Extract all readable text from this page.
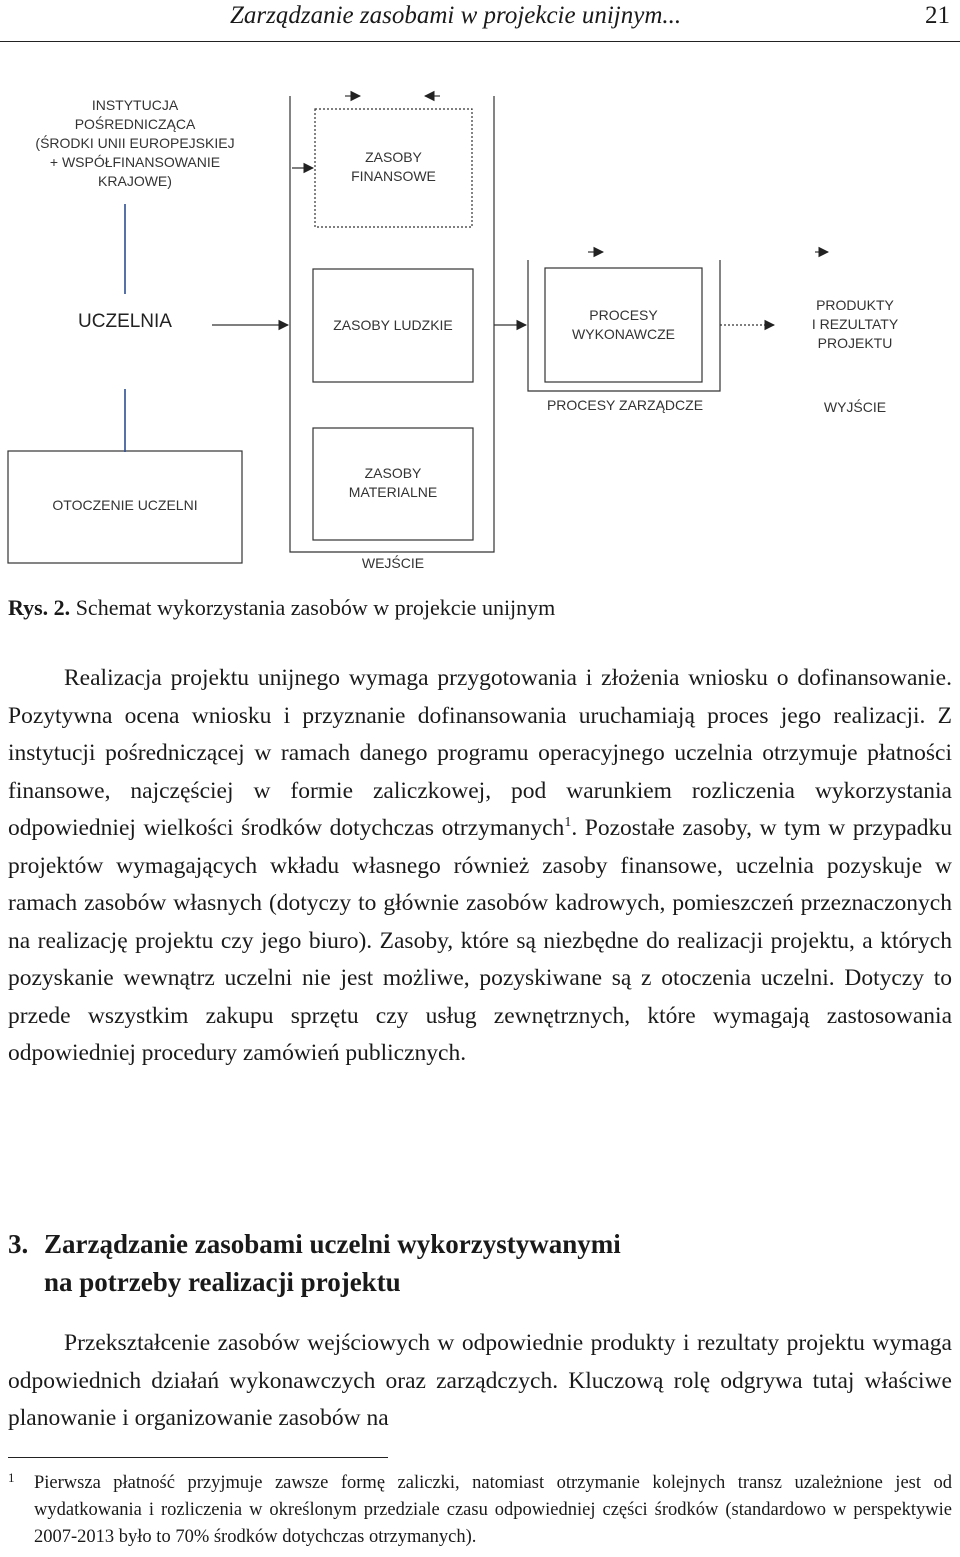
Zarządzanie zasobami w projekcie unijnym...	21
INSTYTUCJA
POŚREDNICZĄCA
(ŚRODKI UNII EUROPEJSKIEJ
+ WSPÓŁFINANSOWANIE
KRAJOWE)
ZASOBY
FINANSOWE
UCZELNIA	ZASOBY LUDZKIE
PROCESY
WYKONAWCZE
PRODUKTY
I REZULTATY
PROJEKTU
PROCESY ZARZĄDCZE	WYJŚCIE
ZASOBY
MATERIALNE
OTOCZENIE UCZELNI
WEJŚCIE
Rys. 2. Schemat wykorzystania zasobów w projekcie unijnym
Realizacja projektu unijnego wymaga przygotowania i złożenia wniosku o dofinansowanie. Pozytywna ocena wniosku i przyznanie dofinansowania uruchamiają proces jego realizacji. Z instytucji pośredniczącej w ramach danego programu operacyjnego uczelnia otrzymuje płatności finansowe, najczęściej w formie zaliczkowej, pod warunkiem rozliczenia wykorzystania odpowiedniej wielkości środków dotychczas otrzymanych$^1$. Pozostałe zasoby, w tym w przypadku projektów wymagających wkładu własnego również zasoby finansowe, uczelnia pozyskuje w ramach zasobów własnych (dotyczy to głównie zasobów kadrowych, pomieszczeń przeznaczonych na realizację projektu czy jego biuro). Zasoby, które są niezbędne do realizacji projektu, a których pozyskanie wewnątrz uczelni nie jest możliwe, pozyskiwane są z otoczenia uczelni. Dotyczy to przede wszystkim zakupu sprzętu czy usług zewnętrznych, które wymagają zastosowania odpowiedniej procedury zamówień publicznych.
3. Zarządzanie zasobami uczelni wykorzystywanymi
na potrzeby realizacji projektu
Przekształcenie zasobów wejściowych w odpowiednie produkty i rezultaty projektu wymaga odpowiednich działań wykonawczych oraz zarządczych. Kluczową rolę odgrywa tutaj właściwe planowanie i organizowanie zasobów na
1 Pierwsza płatność przyjmuje zawsze formę zaliczki, natomiast otrzymanie kolejnych transz uzależnione jest od wydatkowania i rozliczenia w określonym przedziale czasu odpowiedniej części środków (standardowo w perspektywie 2007-2013 było to 70% środków dotychczas otrzymanych).
